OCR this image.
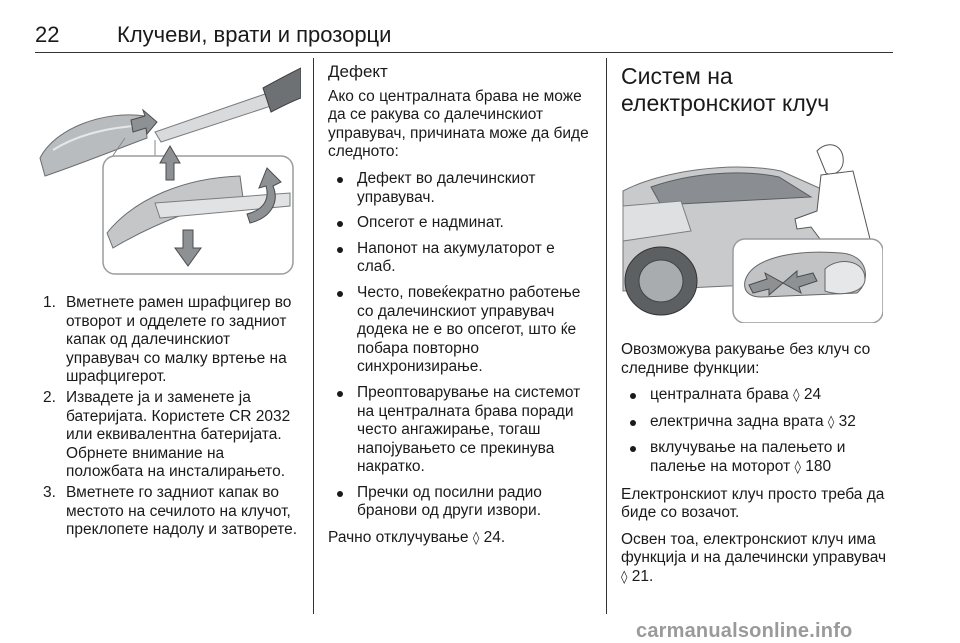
22	Клучеви, врати и прозорци
1. Вметнете рамен шрафцигер во отворот и одделете го задниот капак од далечинскиот управувач со малку вртење на шрафцигерот.
2. Извадете ја и заменете ја батеријата. Користете CR 2032 или еквивалентна батеријата. Обрнете внимание на положбата на инсталирањето.
3. Вметнете го задниот капак во местото на сечилото на клучот, преклопете надолу и затворете.
Дефект

Ако со централната брава не може да се ракува со далечинскиот управувач, причината може да биде следното:

Дефект во далечинскиот управувач.
Опсегот е надминат.
Напонот на акумулаторот е слаб.
Често, повеќекратно работење со далечинскиот управувач додека не е во опсегот, што ќе побара повторно синхронизирање.
Преоптоварување на системот на централната брава поради често ангажирање, тогаш напојувањето се прекинува накратко.
Пречки од посилни радио бранови од други извори.

Рачно отклучување ◊ 24.

Систем на електронскиот клуч

Овозможува ракување без клуч со следниве функции:

централната брава ◊ 24
електрична задна врата ◊ 32
вклучување на палењето и палење на моторот ◊ 180

Електронскиот клуч просто треба да биде со возачот.

Освен тоа, електронскиот клуч има функција и на далечински управувач ◊ 21.

carmanualsonline.info
